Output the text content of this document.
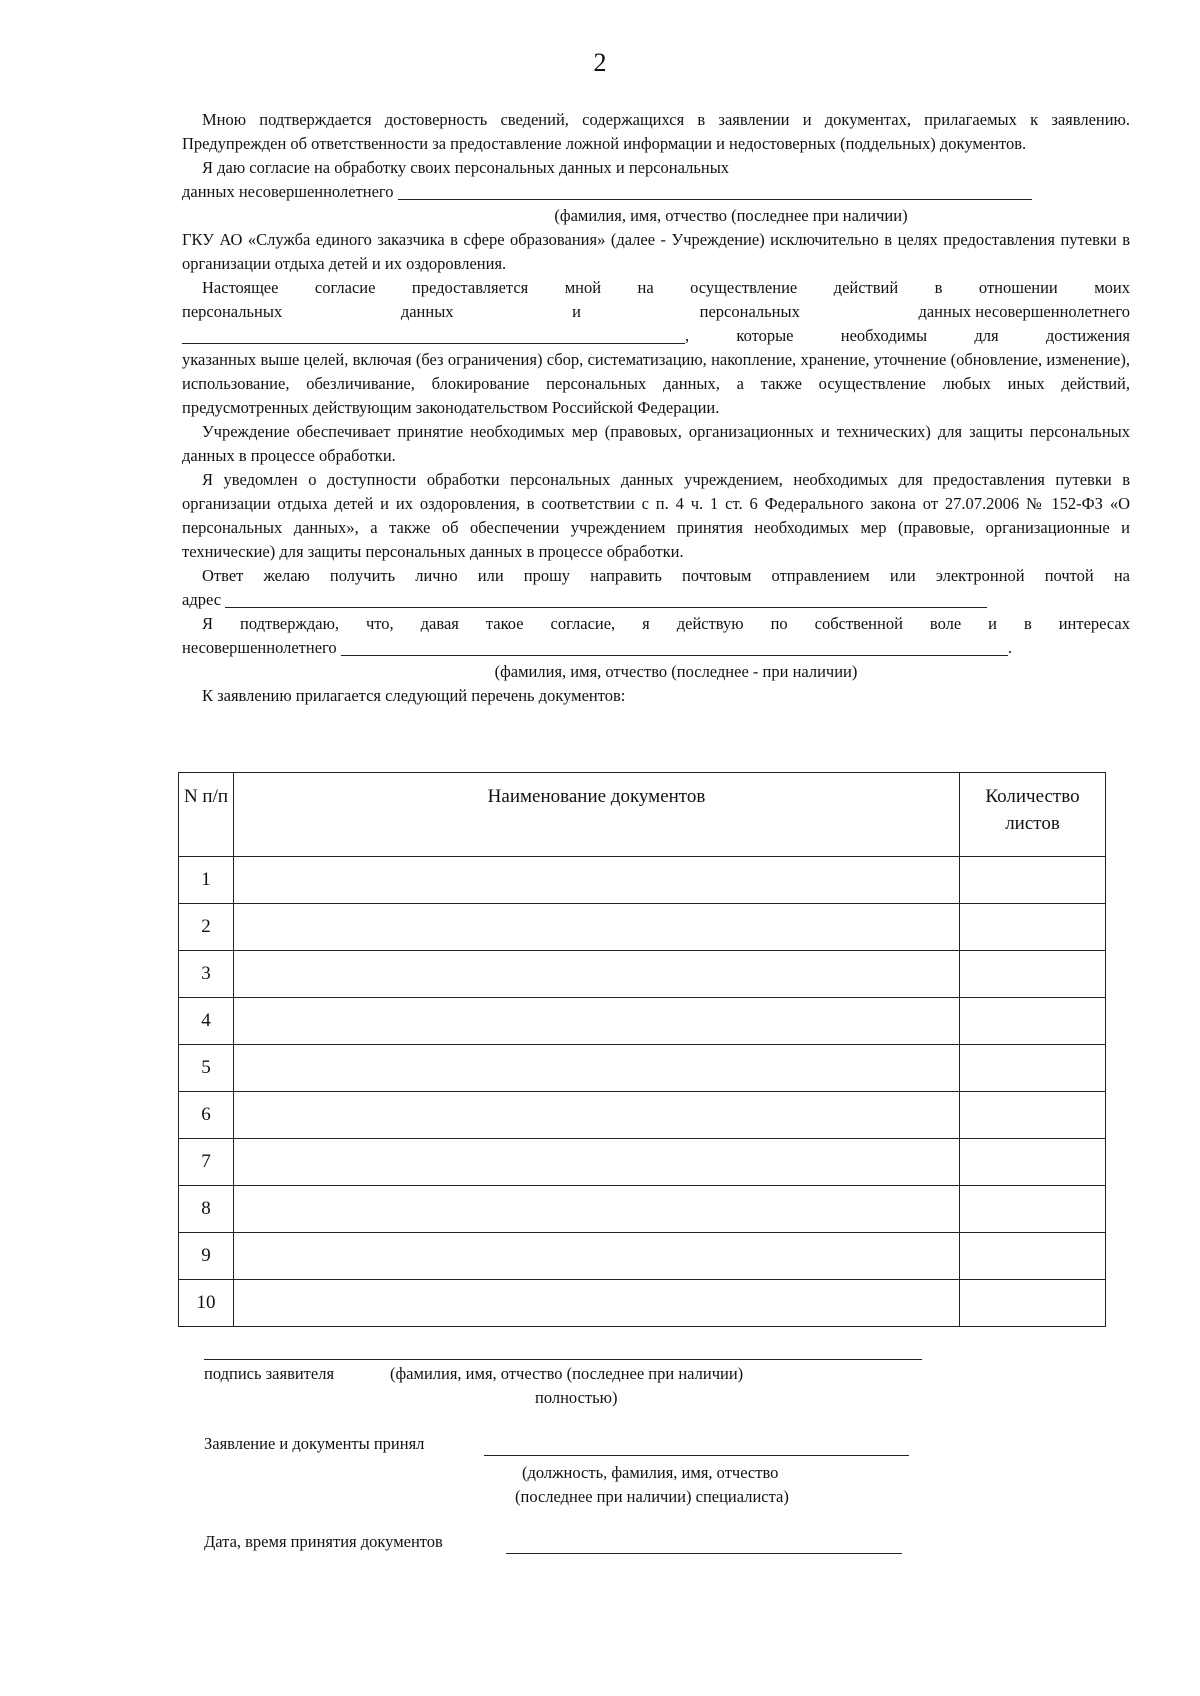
2

Мною подтверждается достоверность сведений, содержащихся в заявлении и документах, прилагаемых к заявлению. Предупрежден об ответственности за предоставление ложной информации и недостоверных (поддельных) документов.

Я даю согласие на обработку своих персональных данных и персональных

данных несовершеннолетнего
(фамилия, имя, отчество (последнее при наличии)

ГКУ АО «Служба единого заказчика в сфере образования» (далее - Учреждение) исключительно в целях предоставления путевки в организации отдыха детей и их оздоровления.

Настоящее согласие предоставляется мной на осуществление действий в отношении моих

персональных	данных	и	персональных	данных несовершеннолетнего
, которые необходимы для достижения

указанных выше целей, включая (без ограничения) сбор, систематизацию, накопление, хранение, уточнение (обновление, изменение), использование, обезличивание, блокирование персональных данных, а также осуществление любых иных действий, предусмотренных действующим законодательством Российской Федерации.

Учреждение обеспечивает принятие необходимых мер (правовых, организационных и технических) для защиты персональных данных в процессе обработки.

Я уведомлен о доступности обработки персональных данных учреждением, необходимых для предоставления путевки в организации отдыха детей и их оздоровления, в соответствии с п. 4 ч. 1 ст. 6 Федерального закона от 27.07.2006 № 152-ФЗ «О персональных данных», а также об обеспечении учреждением принятия необходимых мер (правовые, организационные и технические) для защиты персональных данных в процессе обработки.

Ответ желаю получить лично или прошу направить почтовым отправлением или электронной почтой на

адрес

Я подтверждаю, что, давая такое согласие, я действую по собственной воле и в интересах

несовершеннолетнего	.
(фамилия, имя, отчество (последнее - при наличии)

К заявлению прилагается следующий перечень документов:

N п/п	Наименование документов	Количество листов
1		
2		
3		
4		
5		
6		
7		
8		
9		
10		
подпись заявителя	(фамилия, имя, отчество (последнее при наличии)
полностью)
Заявление и документы принял
(должность, фамилия, имя, отчество
(последнее при наличии) специалиста)
Дата, время принятия документов
